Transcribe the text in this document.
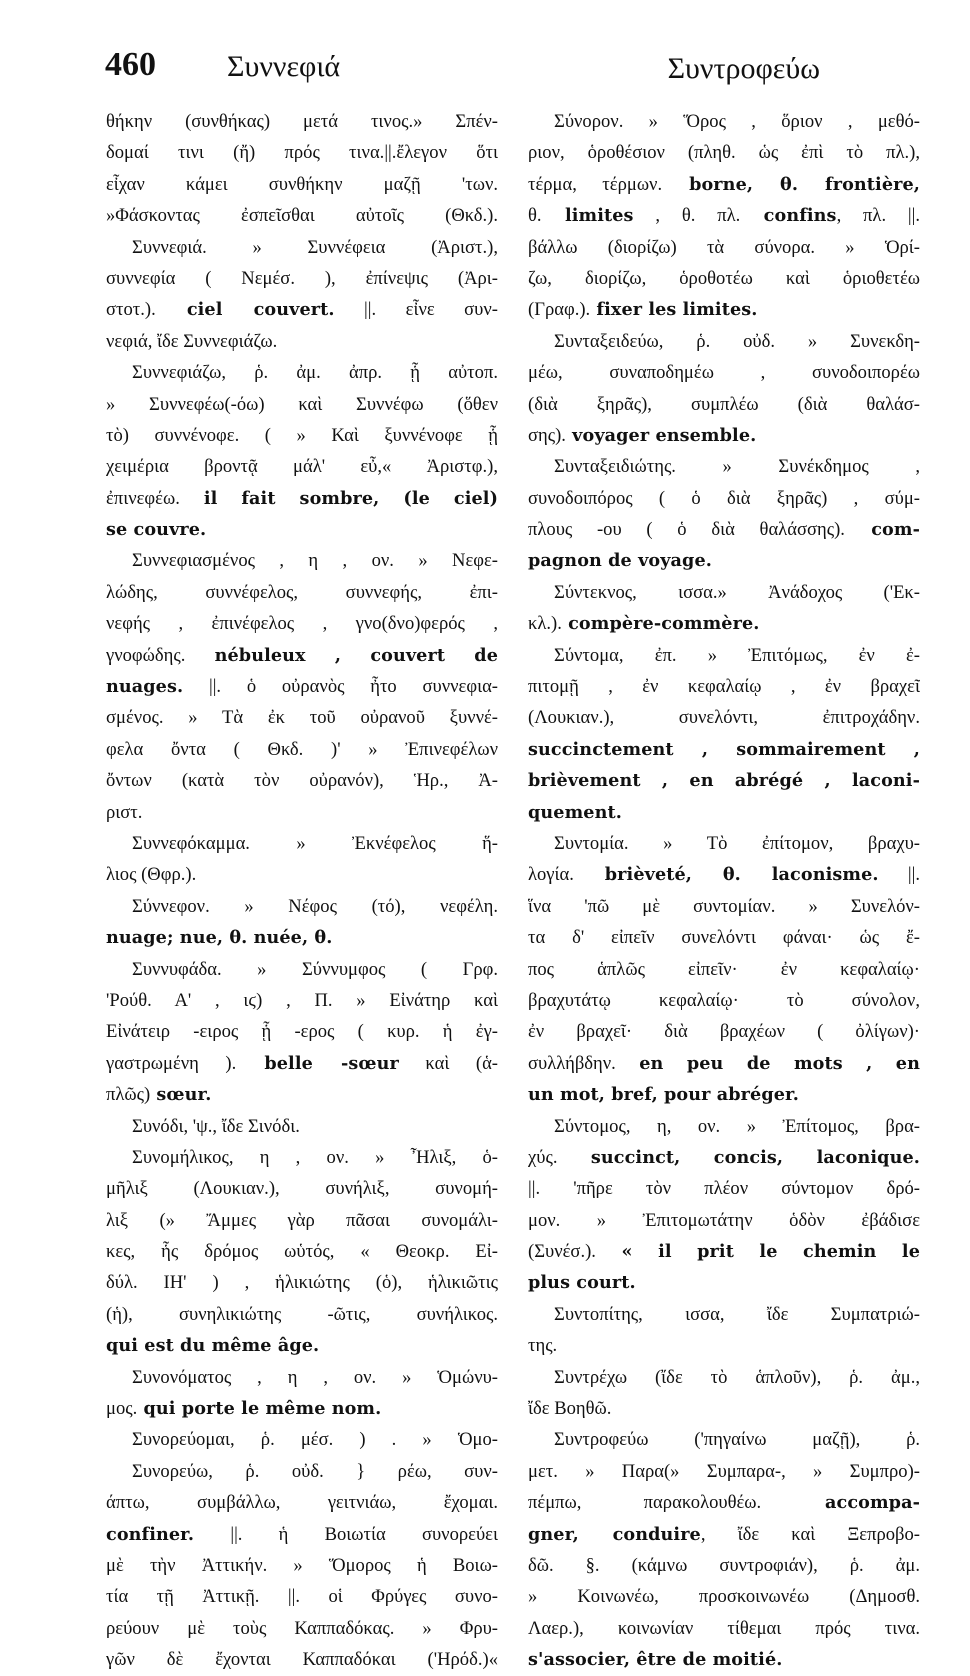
460 Συννεφιά	Συντροφεύω
θήκην (συνθήκας) μετά τινος.» Σπέν-
δομαί τινι (ἤ) πρός τινα.||.ἔλεγον ὅτι
εἶχαν κάμει συνθήκην μαζῇ 'των.
»Φάσκοντας ἐσπεῖσθαι αὐτοῖς (Θκδ.).
Συννεφιά. » Συννέφεια (Ἀριστ.),
συννεφία ( Νεμέσ. ), ἐπίνεψις (Ἀρι-
στοτ.). ciel couvert. ||. εἶνε συν-
νεφιά, ἴδε Συννεφιάζω.
Συννεφιάζω, ῥ. ἀμ. ἀπρ. ᾗ αὐτοπ.
» Συννεφέω(-όω) καὶ Συννέφω (ὅθεν
τὸ) συννένοφε. ( » Καὶ ξυννένοφε ᾗ
χειμέρια βροντᾷ μάλ' εὖ,« Ἀριστφ.),
ἐπινεφέω. il fait sombre, (le ciel)
se couvre.
Συννεφιασμένος , η , ον. » Νεφε-
λώδης, συννέφελος, συννεφής, ἐπι-
νεφής , ἐπινέφελος , γνο(δνο)φερός ,
γνοφώδης. nébuleux , couvert de
nuages. ||. ὁ οὐρανὸς ἦτο συννεφια-
σμένος. » Τὰ ἐκ τοῦ οὐρανοῦ ξυννέ-
φελα ὄντα ( Θκδ. )' » Ἐπινεφέλων
ὄντων (κατὰ τὸν οὐρανόν), Ἡρ., Ἀ-
ριστ.
Συννεφόκαμμα. » Ἐκνέφελος ἥ-
λιος (Θφρ.).
Σύννεφον. » Νέφος (τό), νεφέλη.
nuage; nue, θ. nuée, θ.
Συννυφάδα. » Σύννυμφος ( Γρφ.
'Ρούθ. Α' , ιϛ) , Π. » Εἰνάτηρ καὶ
Εἰνάτειρ -ειρος ᾗ -ερος ( κυρ. ἡ ἐγ-
γαστρωμένη ). belle -sœur καὶ (ἁ-
πλῶς) sœur.
Συνόδι, 'ψ., ἴδε Σινόδι.
Συνομήλικος, η , ον. » Ἦλιξ, ὁ-
μῆλιξ (Λουκιαν.), συνήλιξ, συνομή-
λιξ (» Ἄμμες γὰρ πᾶσαι συνομάλι-
κες, ἧς δρόμος ωὑτός, « Θεοκρ. Εἰ-
δύλ. ΙΗ' ) , ἡλικιώτης (ὁ), ἡλικιῶτις
(ἡ), συνηλικιώτης -ῶτις, συνήλικος.
qui est du même âge.
Συνονόματος , η , ον. » Ὁμώνυ-
μος. qui porte le même nom.
Συνορεύομαι, ῥ. μέσ. ) . » Ὁμο-
Συνορεύω, ῥ. οὐδ. } ρέω, συν-
άπτω, συμβάλλω, γειτνιάω, ἔχομαι.
confiner. ||. ἡ Βοιωτία συνορεύει
μὲ τὴν Ἀττικήν. » Ὅμορος ἡ Βοιω-
τία τῇ Ἀττικῇ. ||. οἱ Φρύγες συνο-
ρεύουν μὲ τοὺς Καππαδόκας. » Φρυ-
γῶν δὲ ἔχονται Καππαδόκαι ('Ηρόδ.)«
Σύνορον. » Ὅρος , ὅριον , μεθό-
ριον, ὁροθέσιον (πληθ. ὡς ἐπὶ τὸ πλ.),
τέρμα, τέρμων. borne, θ. frontière,
θ. limites , θ. πλ. confins, πλ. ||.
βάλλω (διορίζω) τὰ σύνορα. » Ὁρί-
ζω, διορίζω, ὁροθοτέω καὶ ὁριοθετέω
(Γραφ.). fixer les limites.
Συνταξειδεύω, ῥ. οὐδ. » Συνεκδη-
μέω, συναποδημέω , συνοδοιπορέω
(διὰ ξηρᾶς), συμπλέω (διὰ θαλάσ-
σης). voyager ensemble.
Συνταξειδιώτης. » Συνέκδημος ,
συνοδοιπόρος ( ὁ διὰ ξηρᾶς) , σύμ-
πλους -ου ( ὁ διὰ θαλάσσης). com-
pagnon de voyage.
Σύντεκνος, ισσα.» Ἀνάδοχος ('Εκ-
κλ.). compère-commère.
Σύντομα, ἐπ. » Ἐπιτόμως, ἐν ἐ-
πιτομῇ , ἐν κεφαλαίῳ , ἐν βραχεῖ
(Λουκιαν.), συνελόντι, ἐπιτροχάδην.
succinctement , sommairement ,
brièvement , en abrégé , laconi-
quement.
Συντομία. » Τὸ ἐπίτομον, βραχυ-
λογία. brièveté, θ. laconisme. ||.
ἵνα 'πῶ μὲ συντομίαν. » Συνελόν-
τα δ' εἰπεῖν συνελόντι φάναι· ὡς ἔ-
πος ἁπλῶς εἰπεῖν· ἐν κεφαλαίῳ·
βραχυτάτῳ κεφαλαίῳ· τὸ σύνολον,
ἐν βραχεῖ· διὰ βραχέων ( ὀλίγων)·
συλλήβδην. en peu de mots , en
un mot, bref, pour abréger.
Σύντομος, η, ον. » Ἐπίτομος, βρα-
χύς. succinct, concis, laconique.
||. 'πῆρε τὸν πλέον σύντομον δρό-
μον. » Ἐπιτομωτάτην ὁδὸν ἐβάδισε
(Συνέσ.). « il prit le chemin le
plus court.
Συντοπίτης, ισσα, ἴδε Συμπατριώ-
της.
Συντρέχω (ἴδε τὸ ἁπλοῦν), ῥ. ἀμ.,
ἴδε Βοηθῶ.
Συντροφεύω ('πηγαίνω μαζῇ), ῥ.
μετ. » Παρα(» Συμπαρα-, » Συμπρο)-
πέμπω, παρακολουθέω. accompa-
gner, conduire, ἴδε καὶ Ξεπροβο-
δῶ. §. (κάμνω συντροφιάν), ῥ. ἀμ.
» Κοινωνέω, προσκοινωνέω (Δημοσθ.
Λαερ.), κοινωνίαν τίθεμαι πρός τινα.
s'associer, être de moitié.
